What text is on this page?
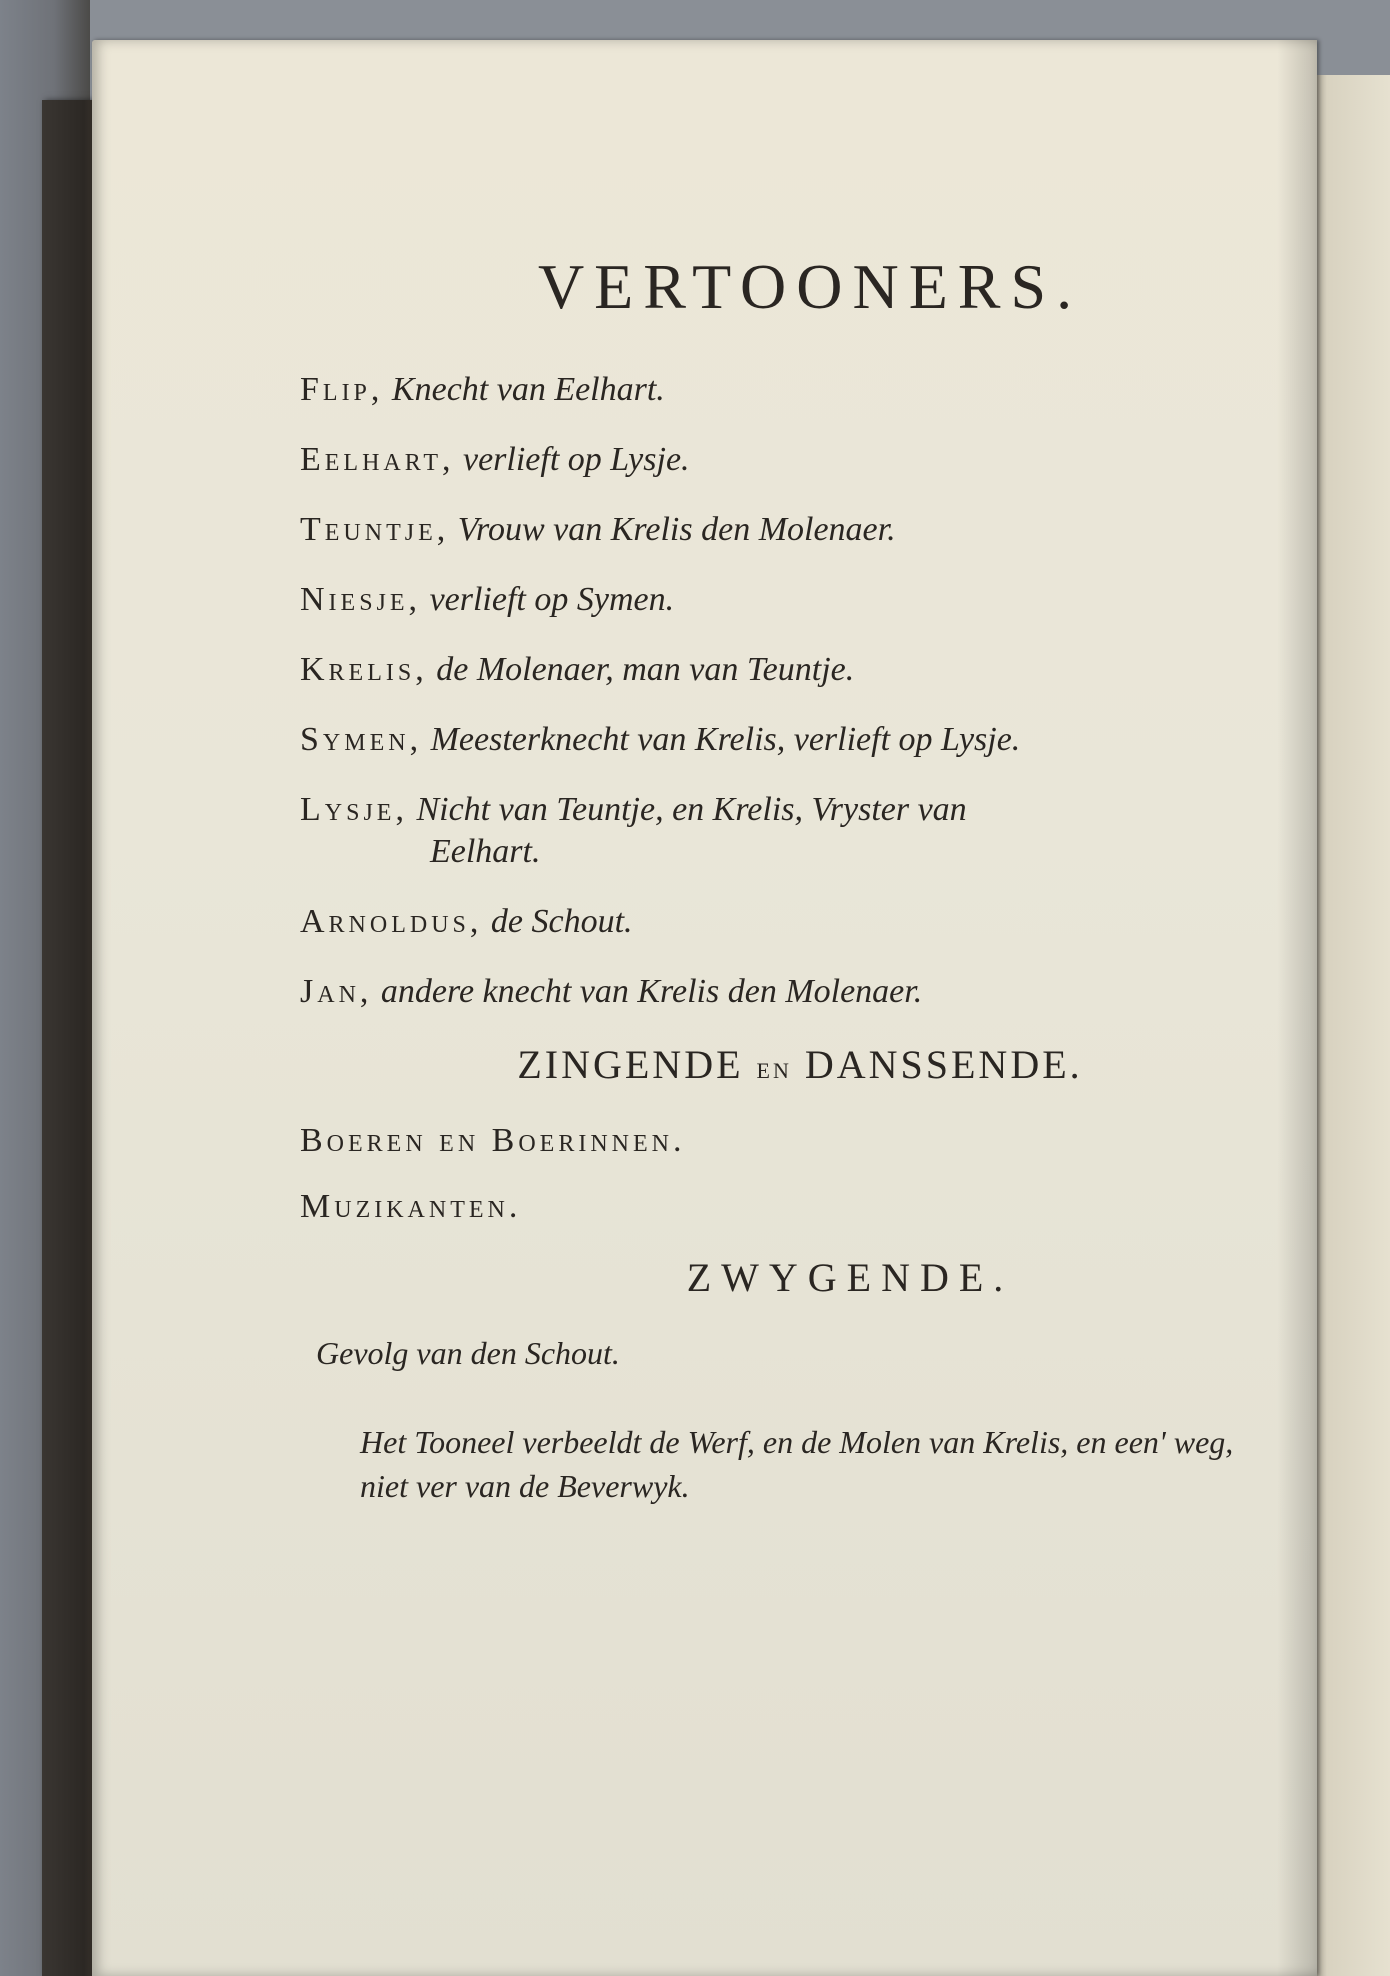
VERTOONERS.
Flip, Knecht van Eelhart.
Eelhart, verlieft op Lysje.
Teuntje, Vrouw van Krelis den Molenaer.
Niesje, verlieft op Symen.
Krelis, de Molenaer, man van Teuntje.
Symen, Meesterknecht van Krelis, verlieft op Lysje.
Lysje, Nicht van Teuntje, en Krelis, Vryster van
Eelhart.
Arnoldus, de Schout.
Jan, andere knecht van Krelis den Molenaer.
ZINGENDE en DANSSENDE.
Boeren en Boerinnen.
Muzikanten.
ZWYGENDE.
Gevolg van den Schout.
Het Tooneel verbeeldt de Werf, en de Molen van Krelis, en een' weg, niet ver van de Beverwyk.
